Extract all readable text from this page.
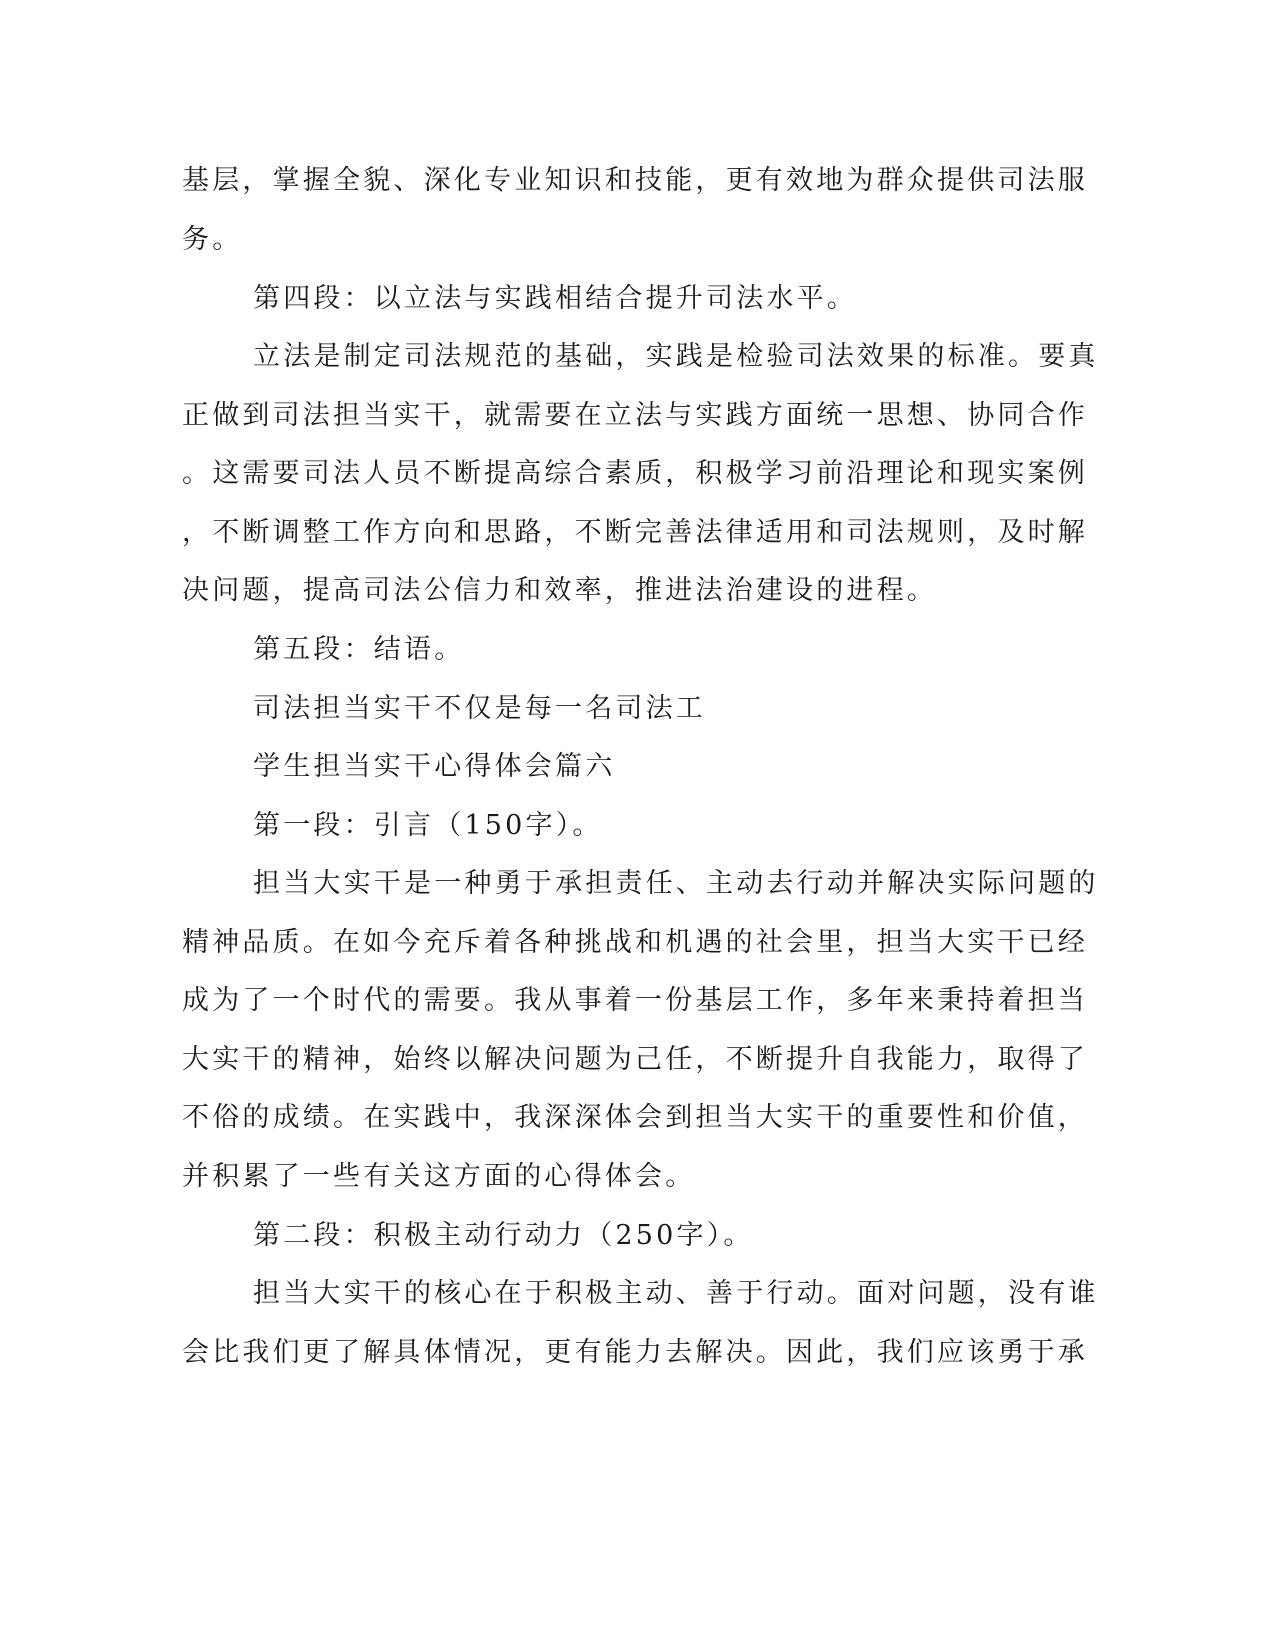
基层，掌握全貌、深化专业知识和技能，更有效地为群众提供司法服
务。
第四段：以立法与实践相结合提升司法水平。
立法是制定司法规范的基础，实践是检验司法效果的标准。要真
正做到司法担当实干，就需要在立法与实践方面统一思想、协同合作
。这需要司法人员不断提高综合素质，积极学习前沿理论和现实案例
，不断调整工作方向和思路，不断完善法律适用和司法规则，及时解
决问题，提高司法公信力和效率，推进法治建设的进程。
第五段：结语。
司法担当实干不仅是每一名司法工
学生担当实干心得体会篇六
第一段：引言（150字）。
担当大实干是一种勇于承担责任、主动去行动并解决实际问题的
精神品质。在如今充斥着各种挑战和机遇的社会里，担当大实干已经
成为了一个时代的需要。我从事着一份基层工作，多年来秉持着担当
大实干的精神，始终以解决问题为己任，不断提升自我能力，取得了
不俗的成绩。在实践中，我深深体会到担当大实干的重要性和价值，
并积累了一些有关这方面的心得体会。
第二段：积极主动行动力（250字）。
担当大实干的核心在于积极主动、善于行动。面对问题，没有谁
会比我们更了解具体情况，更有能力去解决。因此，我们应该勇于承
